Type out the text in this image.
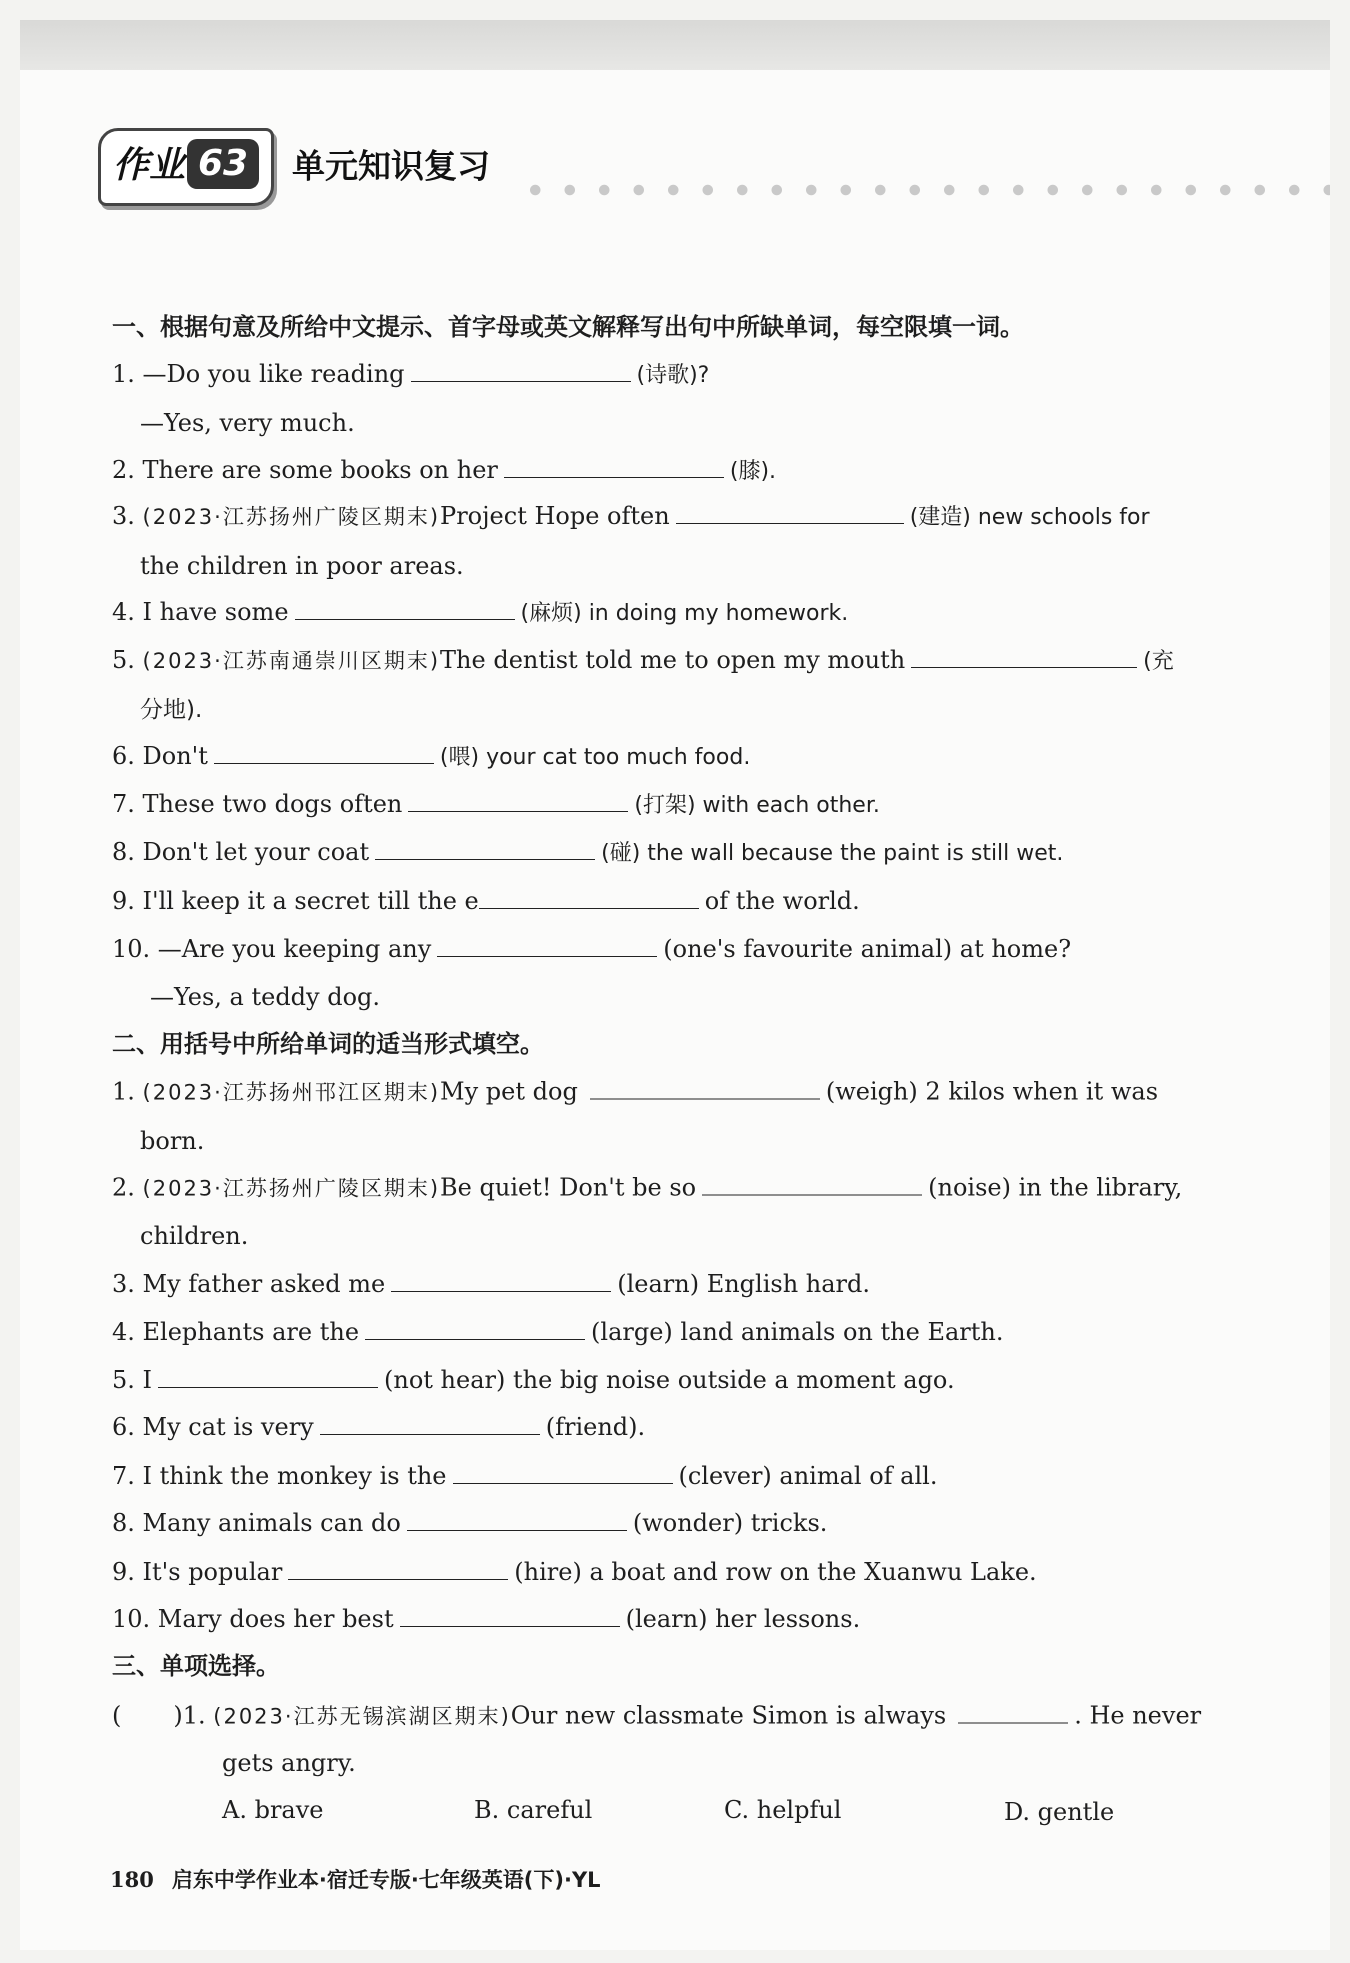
作业 63	单元知识复习
一、根据句意及所给中文提示、首字母或英文解释写出句中所缺单词，每空限填一词。
1. —Do you like reading	(诗歌)?
—Yes, very much.
2. There are some books on her	(膝).
3. (2023·江苏扬州广陵区期末)Project Hope often	(建造) new schools for
the children in poor areas.
4. I have some	(麻烦) in doing my homework.
5. (2023·江苏南通崇川区期末)The dentist told me to open my mouth	(充
分地).
6. Don't	(喂) your cat too much food.
7. These two dogs often	(打架) with each other.
8. Don't let your coat	(碰) the wall because the paint is still wet.
9. I'll keep it a secret till the e	of the world.
10. —Are you keeping any	(one's favourite animal) at home?
—Yes, a teddy dog.
二、用括号中所给单词的适当形式填空。
1. (2023·江苏扬州邗江区期末)My pet dog	(weigh) 2 kilos when it was
born.
2. (2023·江苏扬州广陵区期末)Be quiet! Don't be so	(noise) in the library,
children.
3. My father asked me	(learn) English hard.
4. Elephants are the	(large) land animals on the Earth.
5. I	(not hear) the big noise outside a moment ago.
6. My cat is very	(friend).
7. I think the monkey is the	(clever) animal of all.
8. Many animals can do	(wonder) tricks.
9. It's popular	(hire) a boat and row on the Xuanwu Lake.
10. Mary does her best	(learn) her lessons.
三、单项选择。
( )1. (2023·江苏无锡滨湖区期末)Our new classmate Simon is always	. He never
gets angry.
A. brave	B. careful	C. helpful	D. gentle
180 启东中学作业本·宿迁专版·七年级英语(下)·YL
